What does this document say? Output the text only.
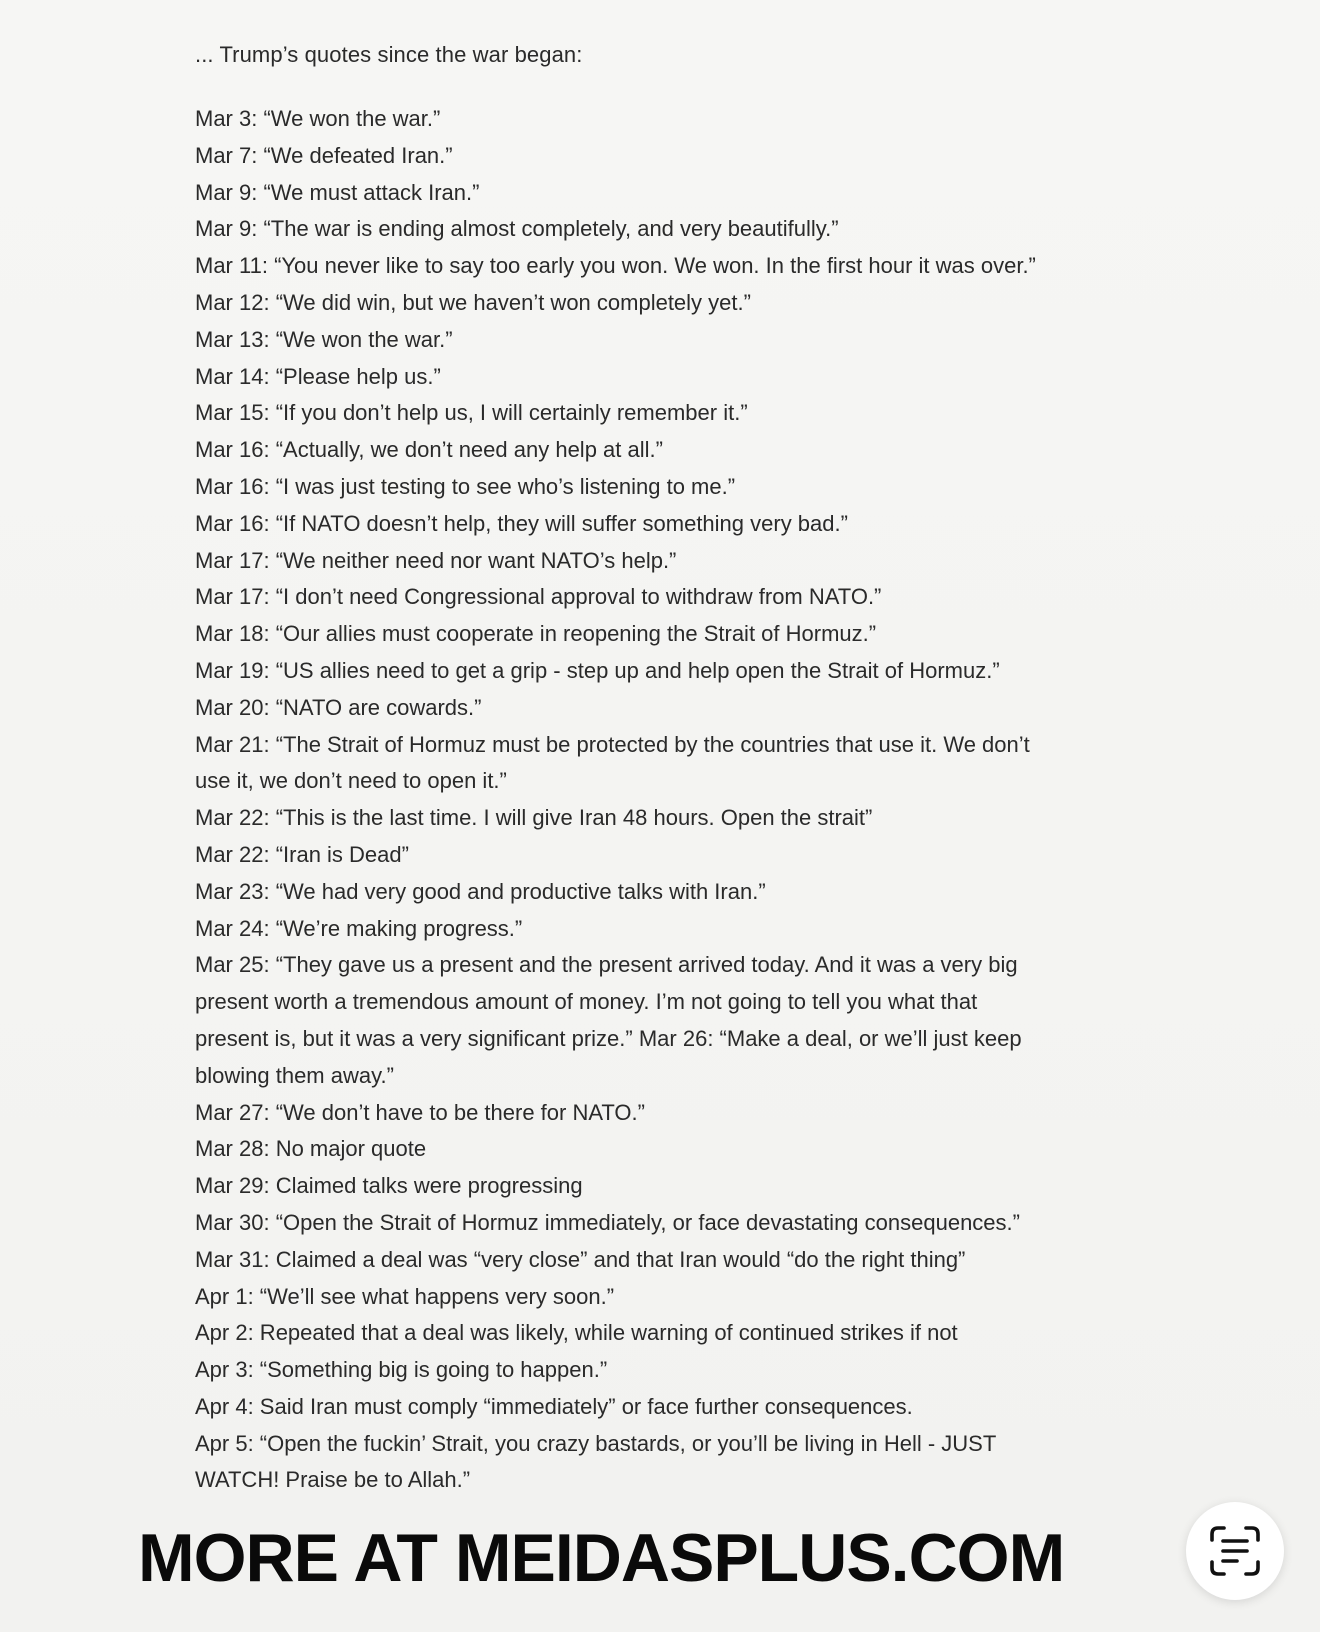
... Trump’s quotes since the war began:
Mar 3: “We won the war.”
Mar 7: “We defeated Iran.”
Mar 9: “We must attack Iran.”
Mar 9: “The war is ending almost completely, and very beautifully.”
Mar 11: “You never like to say too early you won. We won. In the first hour it was over.”
Mar 12: “We did win, but we haven’t won completely yet.”
Mar 13: “We won the war.”
Mar 14: “Please help us.”
Mar 15: “If you don’t help us, I will certainly remember it.”
Mar 16: “Actually, we don’t need any help at all.”
Mar 16: “I was just testing to see who’s listening to me.”
Mar 16: “If NATO doesn’t help, they will suffer something very bad.”
Mar 17: “We neither need nor want NATO’s help.”
Mar 17: “I don’t need Congressional approval to withdraw from NATO.”
Mar 18: “Our allies must cooperate in reopening the Strait of Hormuz.”
Mar 19: “US allies need to get a grip - step up and help open the Strait of Hormuz.”
Mar 20: “NATO are cowards.”
Mar 21: “The Strait of Hormuz must be protected by the countries that use it. We don’t
use it, we don’t need to open it.”
Mar 22: “This is the last time. I will give Iran 48 hours. Open the strait”
Mar 22: “Iran is Dead”
Mar 23: “We had very good and productive talks with Iran.”
Mar 24: “We’re making progress.”
Mar 25: “They gave us a present and the present arrived today. And it was a very big
present worth a tremendous amount of money. I’m not going to tell you what that
present is, but it was a very significant prize.” Mar 26: “Make a deal, or we’ll just keep
blowing them away.”
Mar 27: “We don’t have to be there for NATO.”
Mar 28: No major quote
Mar 29: Claimed talks were progressing
Mar 30: “Open the Strait of Hormuz immediately, or face devastating consequences.”
Mar 31: Claimed a deal was “very close” and that Iran would “do the right thing”
Apr 1: “We’ll see what happens very soon.”
Apr 2: Repeated that a deal was likely, while warning of continued strikes if not
Apr 3: “Something big is going to happen.”
Apr 4: Said Iran must comply “immediately” or face further consequences.
Apr 5: “Open the fuckin’ Strait, you crazy bastards, or you’ll be living in Hell - JUST
WATCH! Praise be to Allah.”
MORE AT MEIDASPLUS.COM
